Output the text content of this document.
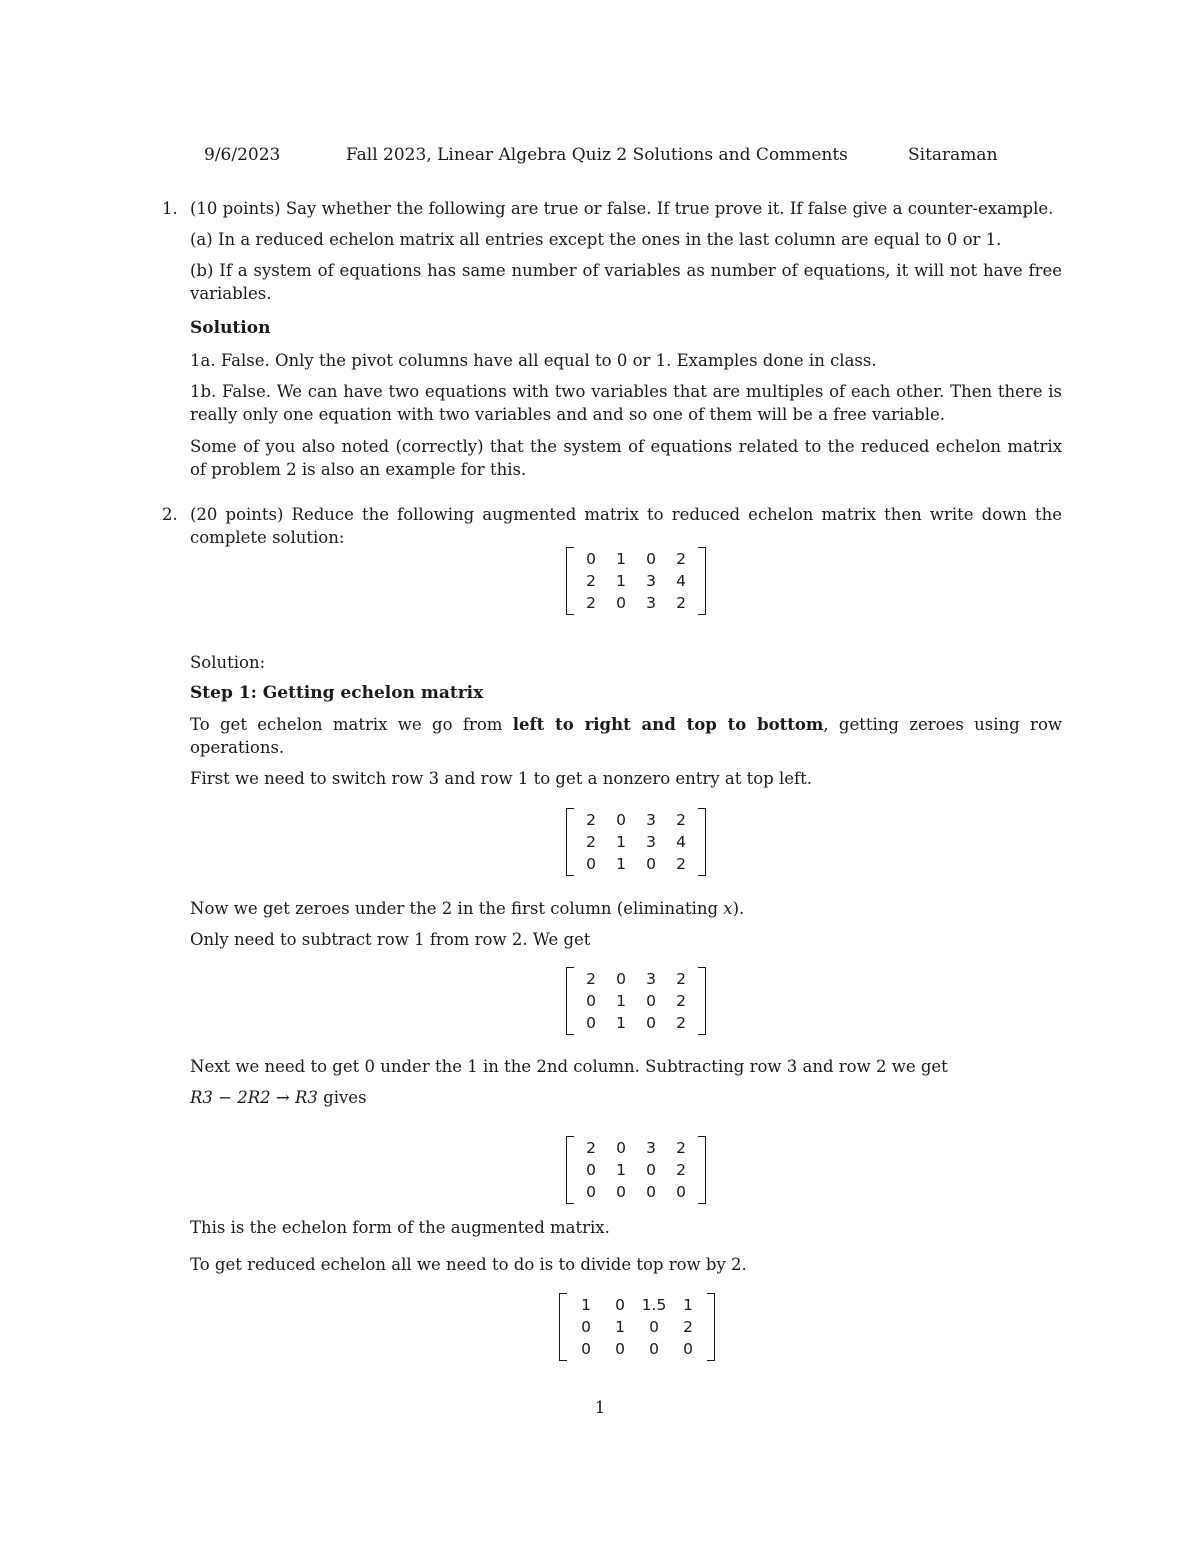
9/6/2023	Fall 2023, Linear Algebra Quiz 2 Solutions and Comments	Sitaraman
1. (10 points) Say whether the following are true or false. If true prove it. If false give a counter-example.
(a) In a reduced echelon matrix all entries except the ones in the last column are equal to 0 or 1.
(b) If a system of equations has same number of variables as number of equations, it will not have free variables.
Solution
1a. False. Only the pivot columns have all equal to 0 or 1. Examples done in class.
1b. False. We can have two equations with two variables that are multiples of each other. Then there is really only one equation with two variables and and so one of them will be a free variable.
Some of you also noted (correctly) that the system of equations related to the reduced echelon matrix of problem 2 is also an example for this.
2. (20 points) Reduce the following augmented matrix to reduced echelon matrix then write down the complete solution:
0	1	0	2
2	1	3	4
2	0	3	2
Solution:
Step 1: Getting echelon matrix
To get echelon matrix we go from left to right and top to bottom, getting zeroes using row operations.
First we need to switch row 3 and row 1 to get a nonzero entry at top left.
2	0	3	2
2	1	3	4
0	1	0	2
Now we get zeroes under the 2 in the first column (eliminating x).
Only need to subtract row 1 from row 2. We get
2	0	3	2
0	1	0	2
0	1	0	2
Next we need to get 0 under the 1 in the 2nd column. Subtracting row 3 and row 2 we get
R3 − 2R2 → R3 gives
2	0	3	2
0	1	0	2
0	0	0	0
This is the echelon form of the augmented matrix.
To get reduced echelon all we need to do is to divide top row by 2.
1	0	1.5	1
0	1	0	2
0	0	0	0
1
